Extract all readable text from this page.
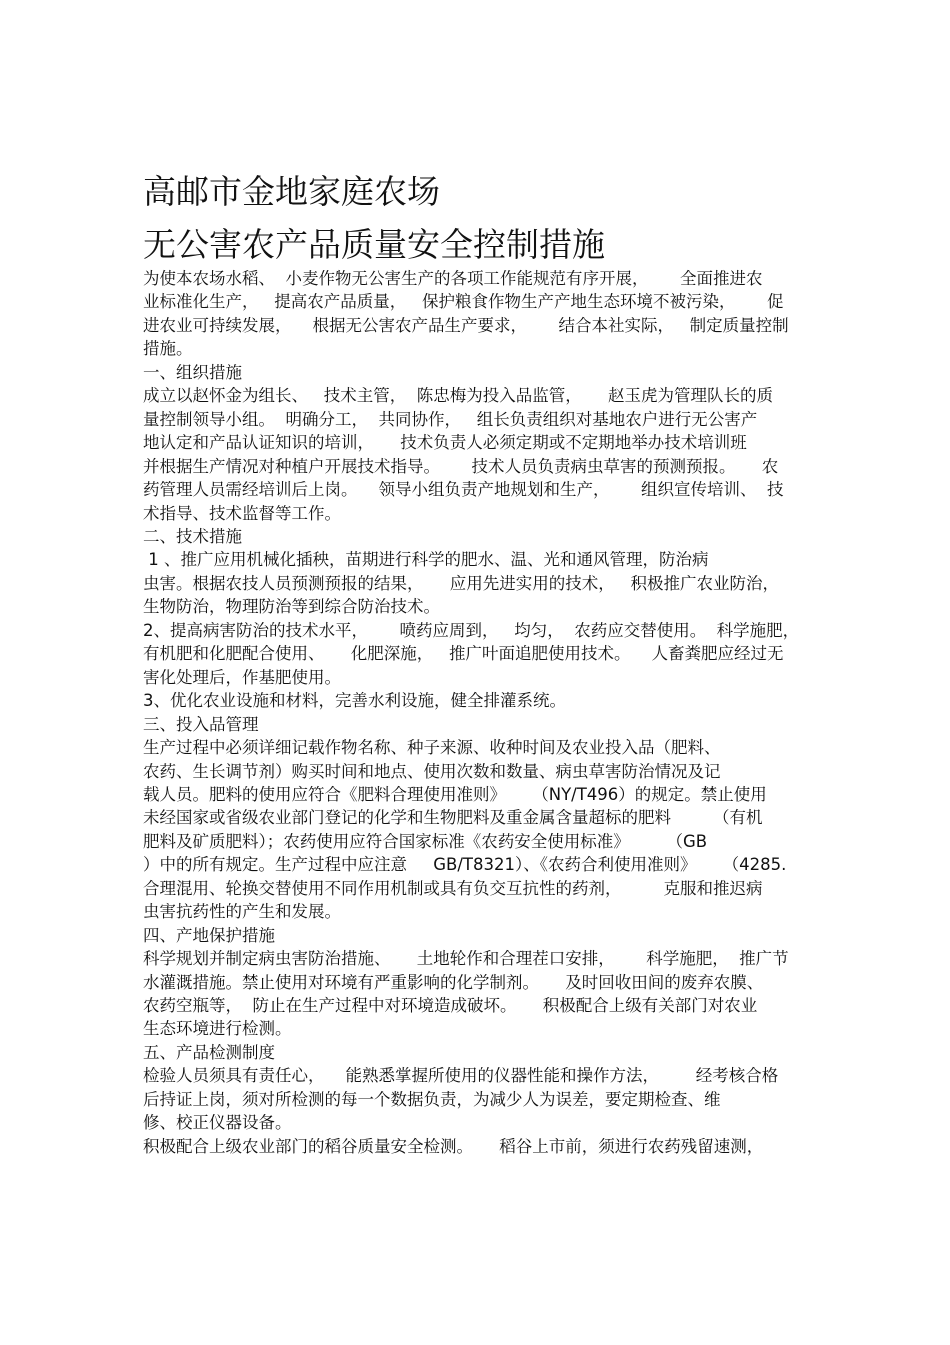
高邮市金地家庭农场
无公害农产品质量安全控制措施
为使本农场水稻、  小麦作物无公害生产的各项工作能规范有序开展，      全面推进农
业标准化生产，   提高农产品质量，   保护粮食作物生产产地生态环境不被污染，      促
进农业可持续发展，    根据无公害农产品生产要求，      结合本社实际，   制定质量控制
措施。
一、组织措施
成立以赵怀金为组长、   技术主管，  陈忠梅为投入品监管，     赵玉虎为管理队长的质
量控制领导小组。  明确分工，  共同协作，   组长负责组织对基地农户进行无公害产
地认定和产品认证知识的培训，     技术负责人必须定期或不定期地举办技术培训班
并根据生产情况对种植户开展技术指导。      技术人员负责病虫草害的预测预报。     农
药管理人员需经培训后上岗。    领导小组负责产地规划和生产，      组织宣传培训、  技
术指导、技术监督等工作。
二、技术措施
1 、推广应用机械化插秧，苗期进行科学的肥水、温、光和通风管理，防治病
虫害。根据农技人员预测预报的结果，     应用先进实用的技术，   积极推广农业防治，
生物防治，物理防治等到综合防治技术。
2、提高病害防治的技术水平，      喷药应周到，   均匀，  农药应交替使用。  科学施肥，
有机肥和化肥配合使用、     化肥深施，   推广叶面追肥使用技术。    人畜粪肥应经过无
害化处理后，作基肥使用。
3、优化农业设施和材料，完善水利设施，健全排灌系统。
三、投入品管理
生产过程中必须详细记载作物名称、种子来源、收种时间及农业投入品（肥料、
农药、生长调节剂）购买时间和地点、使用次数和数量、病虫草害防治情况及记
载人员。肥料的使用应符合《肥料合理使用准则》     （NY/T496）的规定。禁止使用
未经国家或省级农业部门登记的化学和生物肥料及重金属含量超标的肥料        （有机
肥料及矿质肥料）；农药使用应符合国家标准《农药安全使用标准》       （GB
）中的所有规定。生产过程中应注意     GB/T8321）、《农药合利使用准则》     （4285.
合理混用、轮换交替使用不同作用机制或具有负交互抗性的药剂，        克服和推迟病
虫害抗药性的产生和发展。
四、产地保护措施
科学规划并制定病虫害防治措施、     土地轮作和合理茬口安排，      科学施肥，  推广节
水灌溉措施。禁止使用对环境有严重影响的化学制剂。     及时回收田间的废弃农膜、
农药空瓶等，  防止在生产过程中对环境造成破坏。     积极配合上级有关部门对农业
生态环境进行检测。
五、产品检测制度
检验人员须具有责任心，    能熟悉掌握所使用的仪器性能和操作方法，       经考核合格
后持证上岗，须对所检测的每一个数据负责，为减少人为误差，要定期检查、维
修、校正仪器设备。
积极配合上级农业部门的稻谷质量安全检测。     稻谷上市前，须进行农药残留速测，
